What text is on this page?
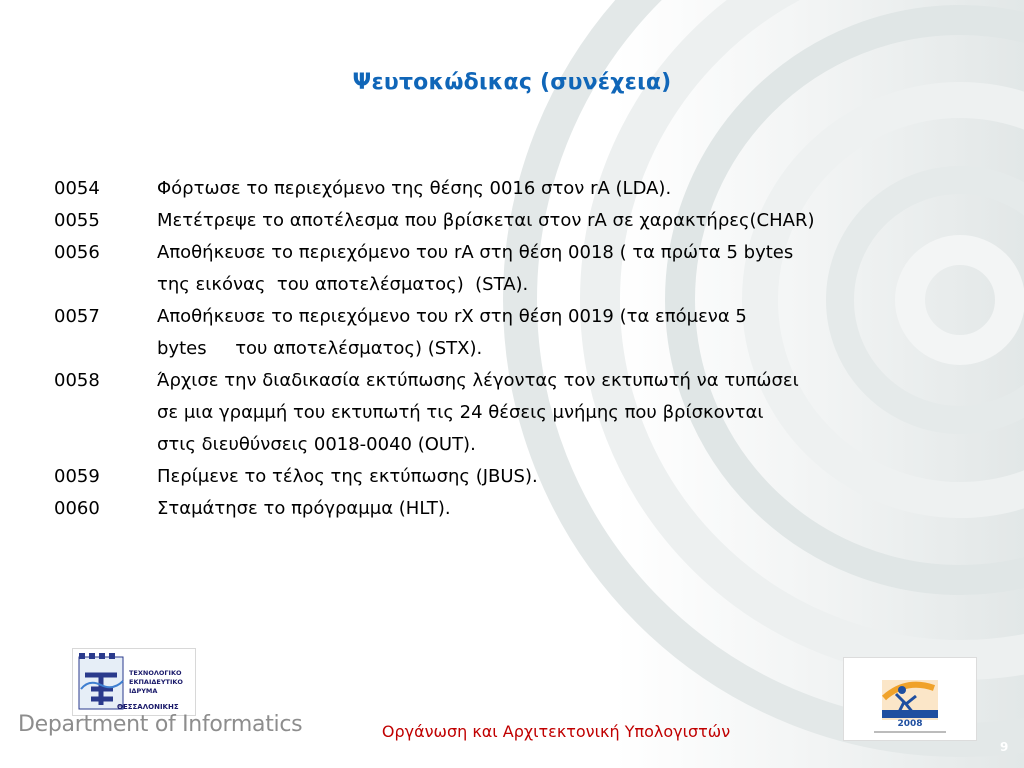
Ψευτοκώδικας (συνέχεια)
0054	Φόρτωσε το περιεχόμενο της θέσης 0016 στον rA (LDA).
0055	Μετέτρεψε το αποτέλεσμα που βρίσκεται στον rA σε χαρακτήρες(CHAR)
0056	Αποθήκευσε το περιεχόμενο του rA στη θέση 0018 ( τα πρώτα 5 bytes
της εικόνας  του αποτελέσματος)  (STA).
0057	Αποθήκευσε το περιεχόμενο του rX στη θέση 0019 (τα επόμενα 5
bytes     του αποτελέσματος) (STX).
0058	Άρχισε την διαδικασία εκτύπωσης λέγοντας τον εκτυπωτή να τυπώσει
σε μια γραμμή του εκτυπωτή τις 24 θέσεις μνήμης που βρίσκονται
στις διευθύνσεις 0018-0040 (OUT).
0059	Περίμενε το τέλος της εκτύπωσης (JBUS).
0060	Σταμάτησε το πρόγραμμα (HLT).
ΤΕΧΝΟΛΟΓΙΚΟ
ΕΚΠΑΙΔΕΥΤΙΚΟ
ΙΔΡΥΜΑ
ΘΕΣΣΑΛΟΝΙΚΗΣ
Department of Informatics	Οργάνωση και Αρχιτεκτονική Υπολογιστών	2008
9
